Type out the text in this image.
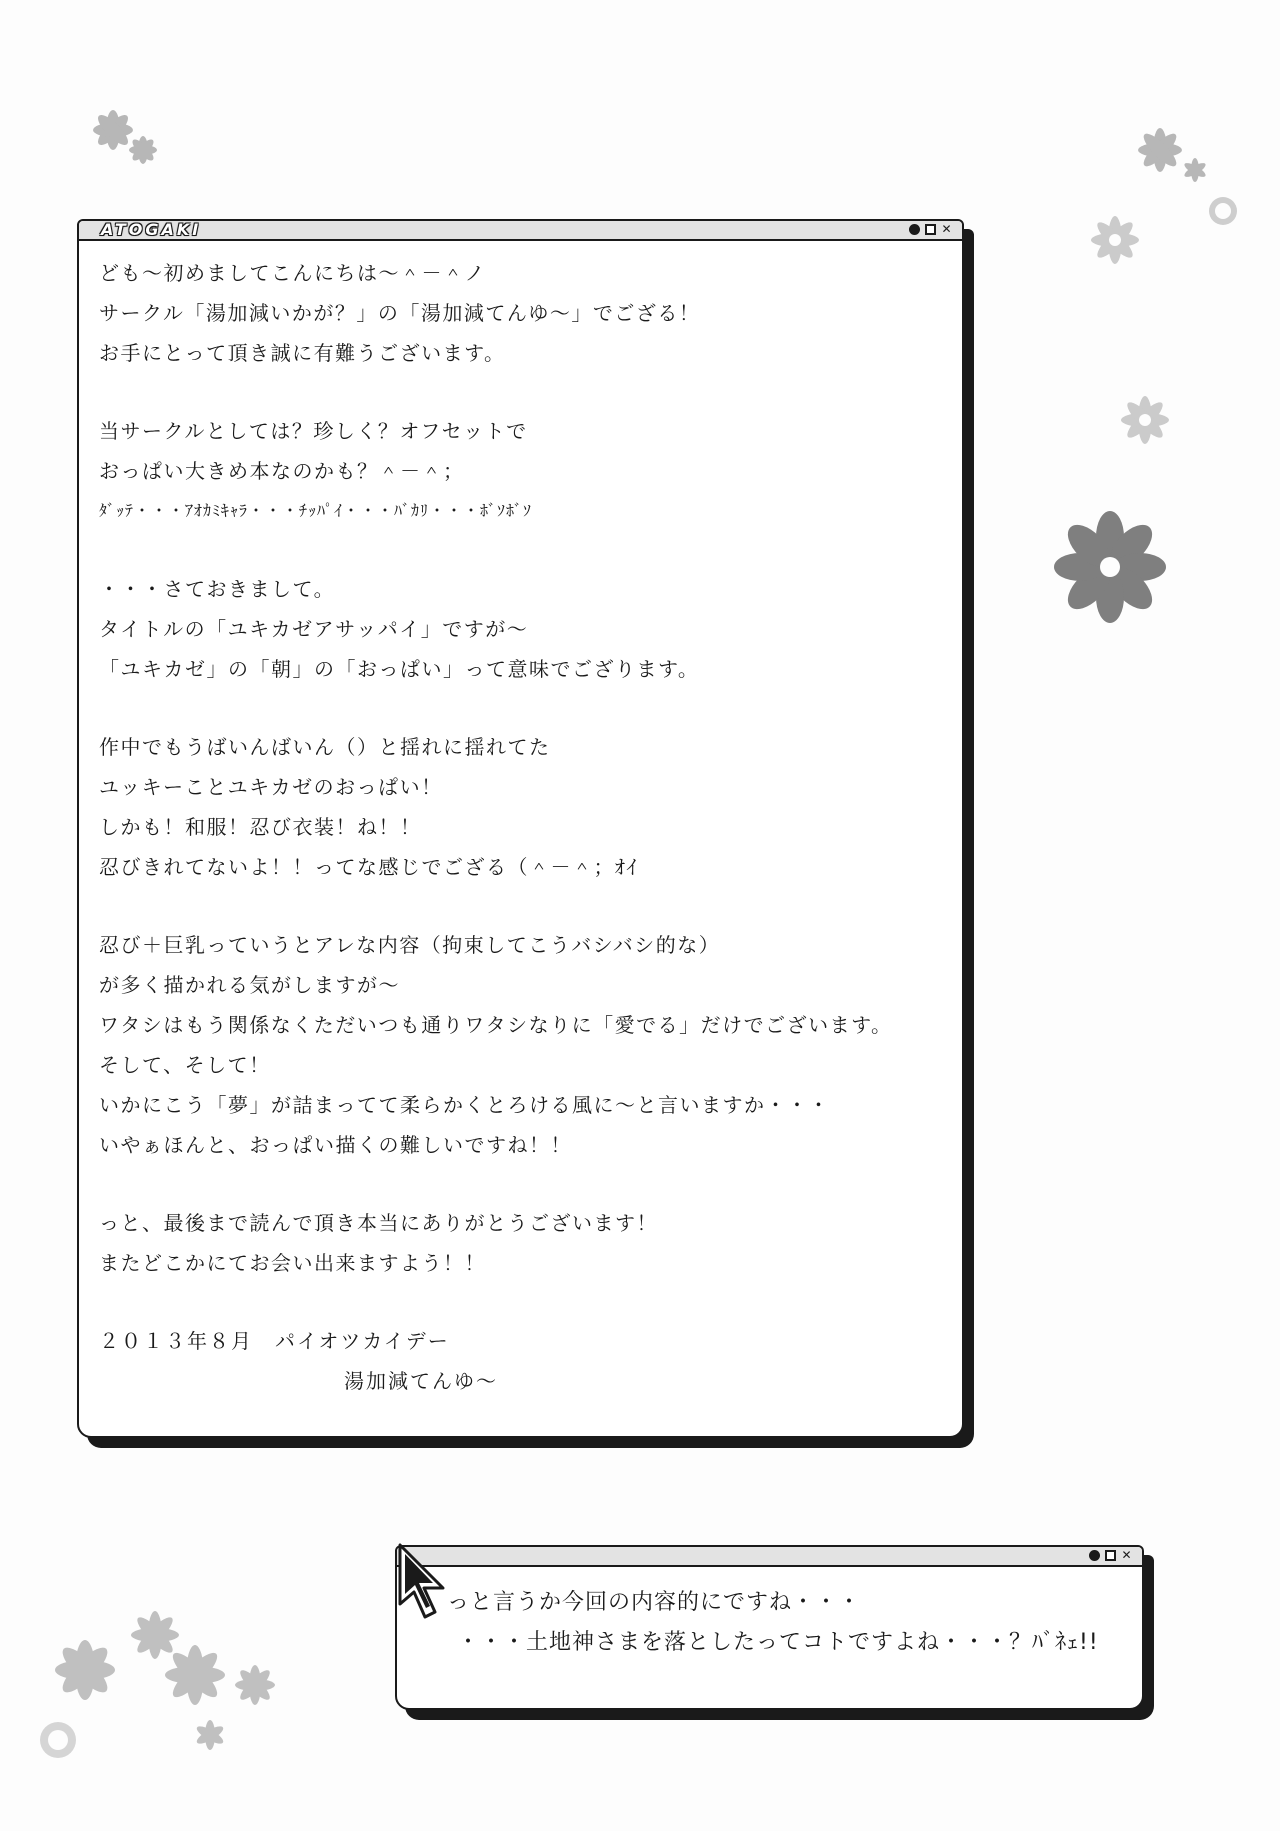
ATOGAKI	✕
ども～初めましてこんにちは～＾－＾ノ
サークル「湯加減いかが？」の「湯加減てんゆ～」でござる！
お手にとって頂き誠に有難うございます。
当サークルとしては？珍しく？オフセットで
おっぱい大きめ本なのかも？＾－＾；
ﾀﾞｯﾃ・・・ｱｵｶﾐｷｬﾗ・・・ﾁｯﾊﾟｲ・・・ﾊﾞｶﾘ・・・ﾎﾞｿﾎﾞｿ
・・・さておきまして。
タイトルの「ユキカゼアサッパイ」ですが～
「ユキカゼ」の「朝」の「おっぱい」って意味でござります。
作中でもうばいんばいん（）と揺れに揺れてた
ユッキーことユキカゼのおっぱい！
しかも！和服！忍び衣装！ね！！
忍びきれてないよ！！ってな感じでござる（＾－＾；ｵｲ
忍び＋巨乳っていうとアレな内容（拘束してこうバシバシ的な）
が多く描かれる気がしますが～
ワタシはもう関係なくただいつも通りワタシなりに「愛でる」だけでございます。
そして、そして！
いかにこう「夢」が詰まってて柔らかくとろける風に～と言いますか・・・
いやぁほんと、おっぱい描くの難しいですね！！
っと、最後まで読んで頂き本当にありがとうございます！
またどこかにてお会い出来ますよう！！
２０１３年８月　パイオツカイデー
湯加減てんゆ～
✕
っと言うか今回の内容的にですね・・・
・・・土地神さまを落としたってコトですよね・・・？ﾊﾞﾈｪ!!
